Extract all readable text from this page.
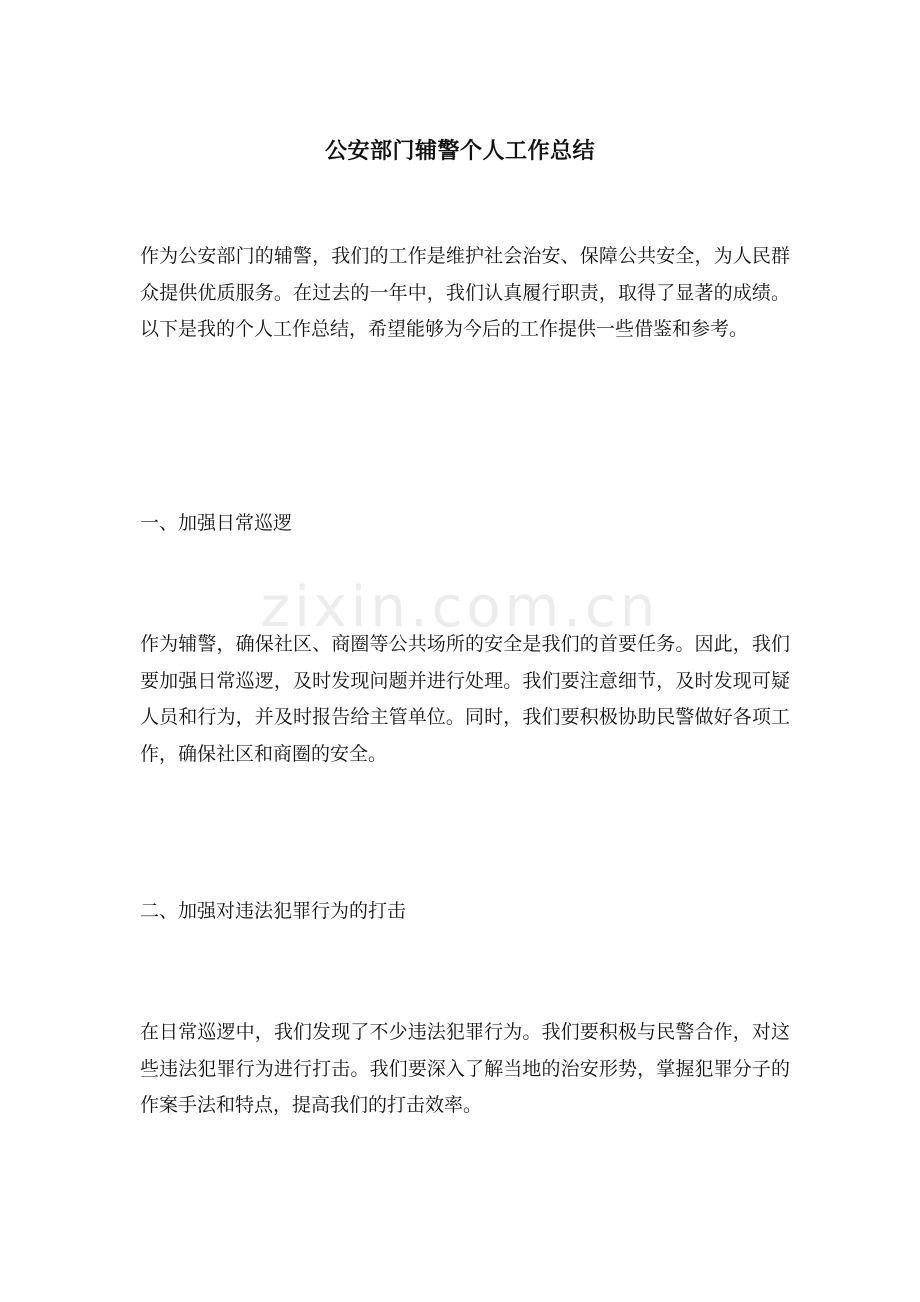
zixin.com.cn
公安部门辅警个人工作总结

作为公安部门的辅警，我们的工作是维护社会治安、保障公共安全，为人民群众提供优质服务。在过去的一年中，我们认真履行职责，取得了显著的成绩。以下是我的个人工作总结，希望能够为今后的工作提供一些借鉴和参考。

一、加强日常巡逻

作为辅警，确保社区、商圈等公共场所的安全是我们的首要任务。因此，我们要加强日常巡逻，及时发现问题并进行处理。我们要注意细节，及时发现可疑人员和行为，并及时报告给主管单位。同时，我们要积极协助民警做好各项工作，确保社区和商圈的安全。

二、加强对违法犯罪行为的打击

在日常巡逻中，我们发现了不少违法犯罪行为。我们要积极与民警合作，对这些违法犯罪行为进行打击。我们要深入了解当地的治安形势，掌握犯罪分子的作案手法和特点，提高我们的打击效率。
